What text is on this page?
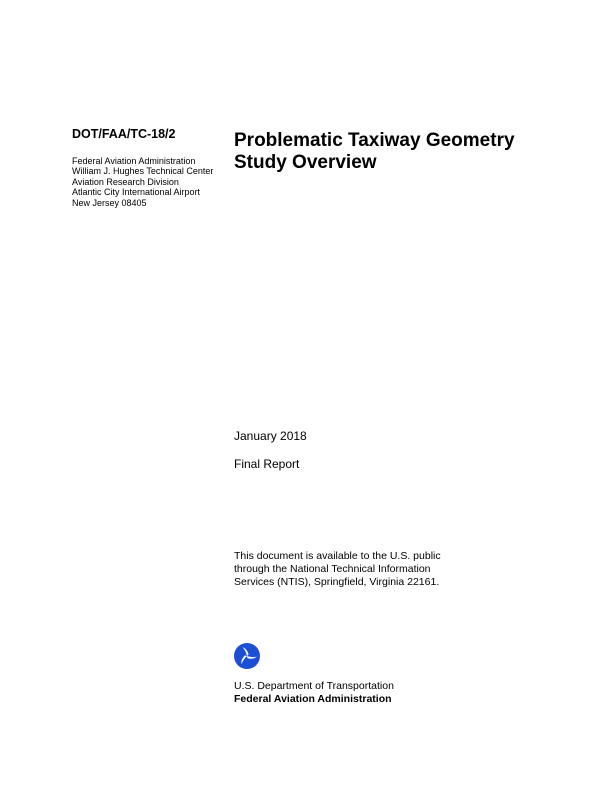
DOT/FAA/TC-18/2
Federal Aviation Administration
William J. Hughes Technical Center
Aviation Research Division
Atlantic City International Airport
New Jersey 08405
Problematic Taxiway Geometry
Study Overview
January 2018
Final Report
This document is available to the U.S. public
through the National Technical Information
Services (NTIS), Springfield, Virginia 22161.
U.S. Department of Transportation
Federal Aviation Administration
